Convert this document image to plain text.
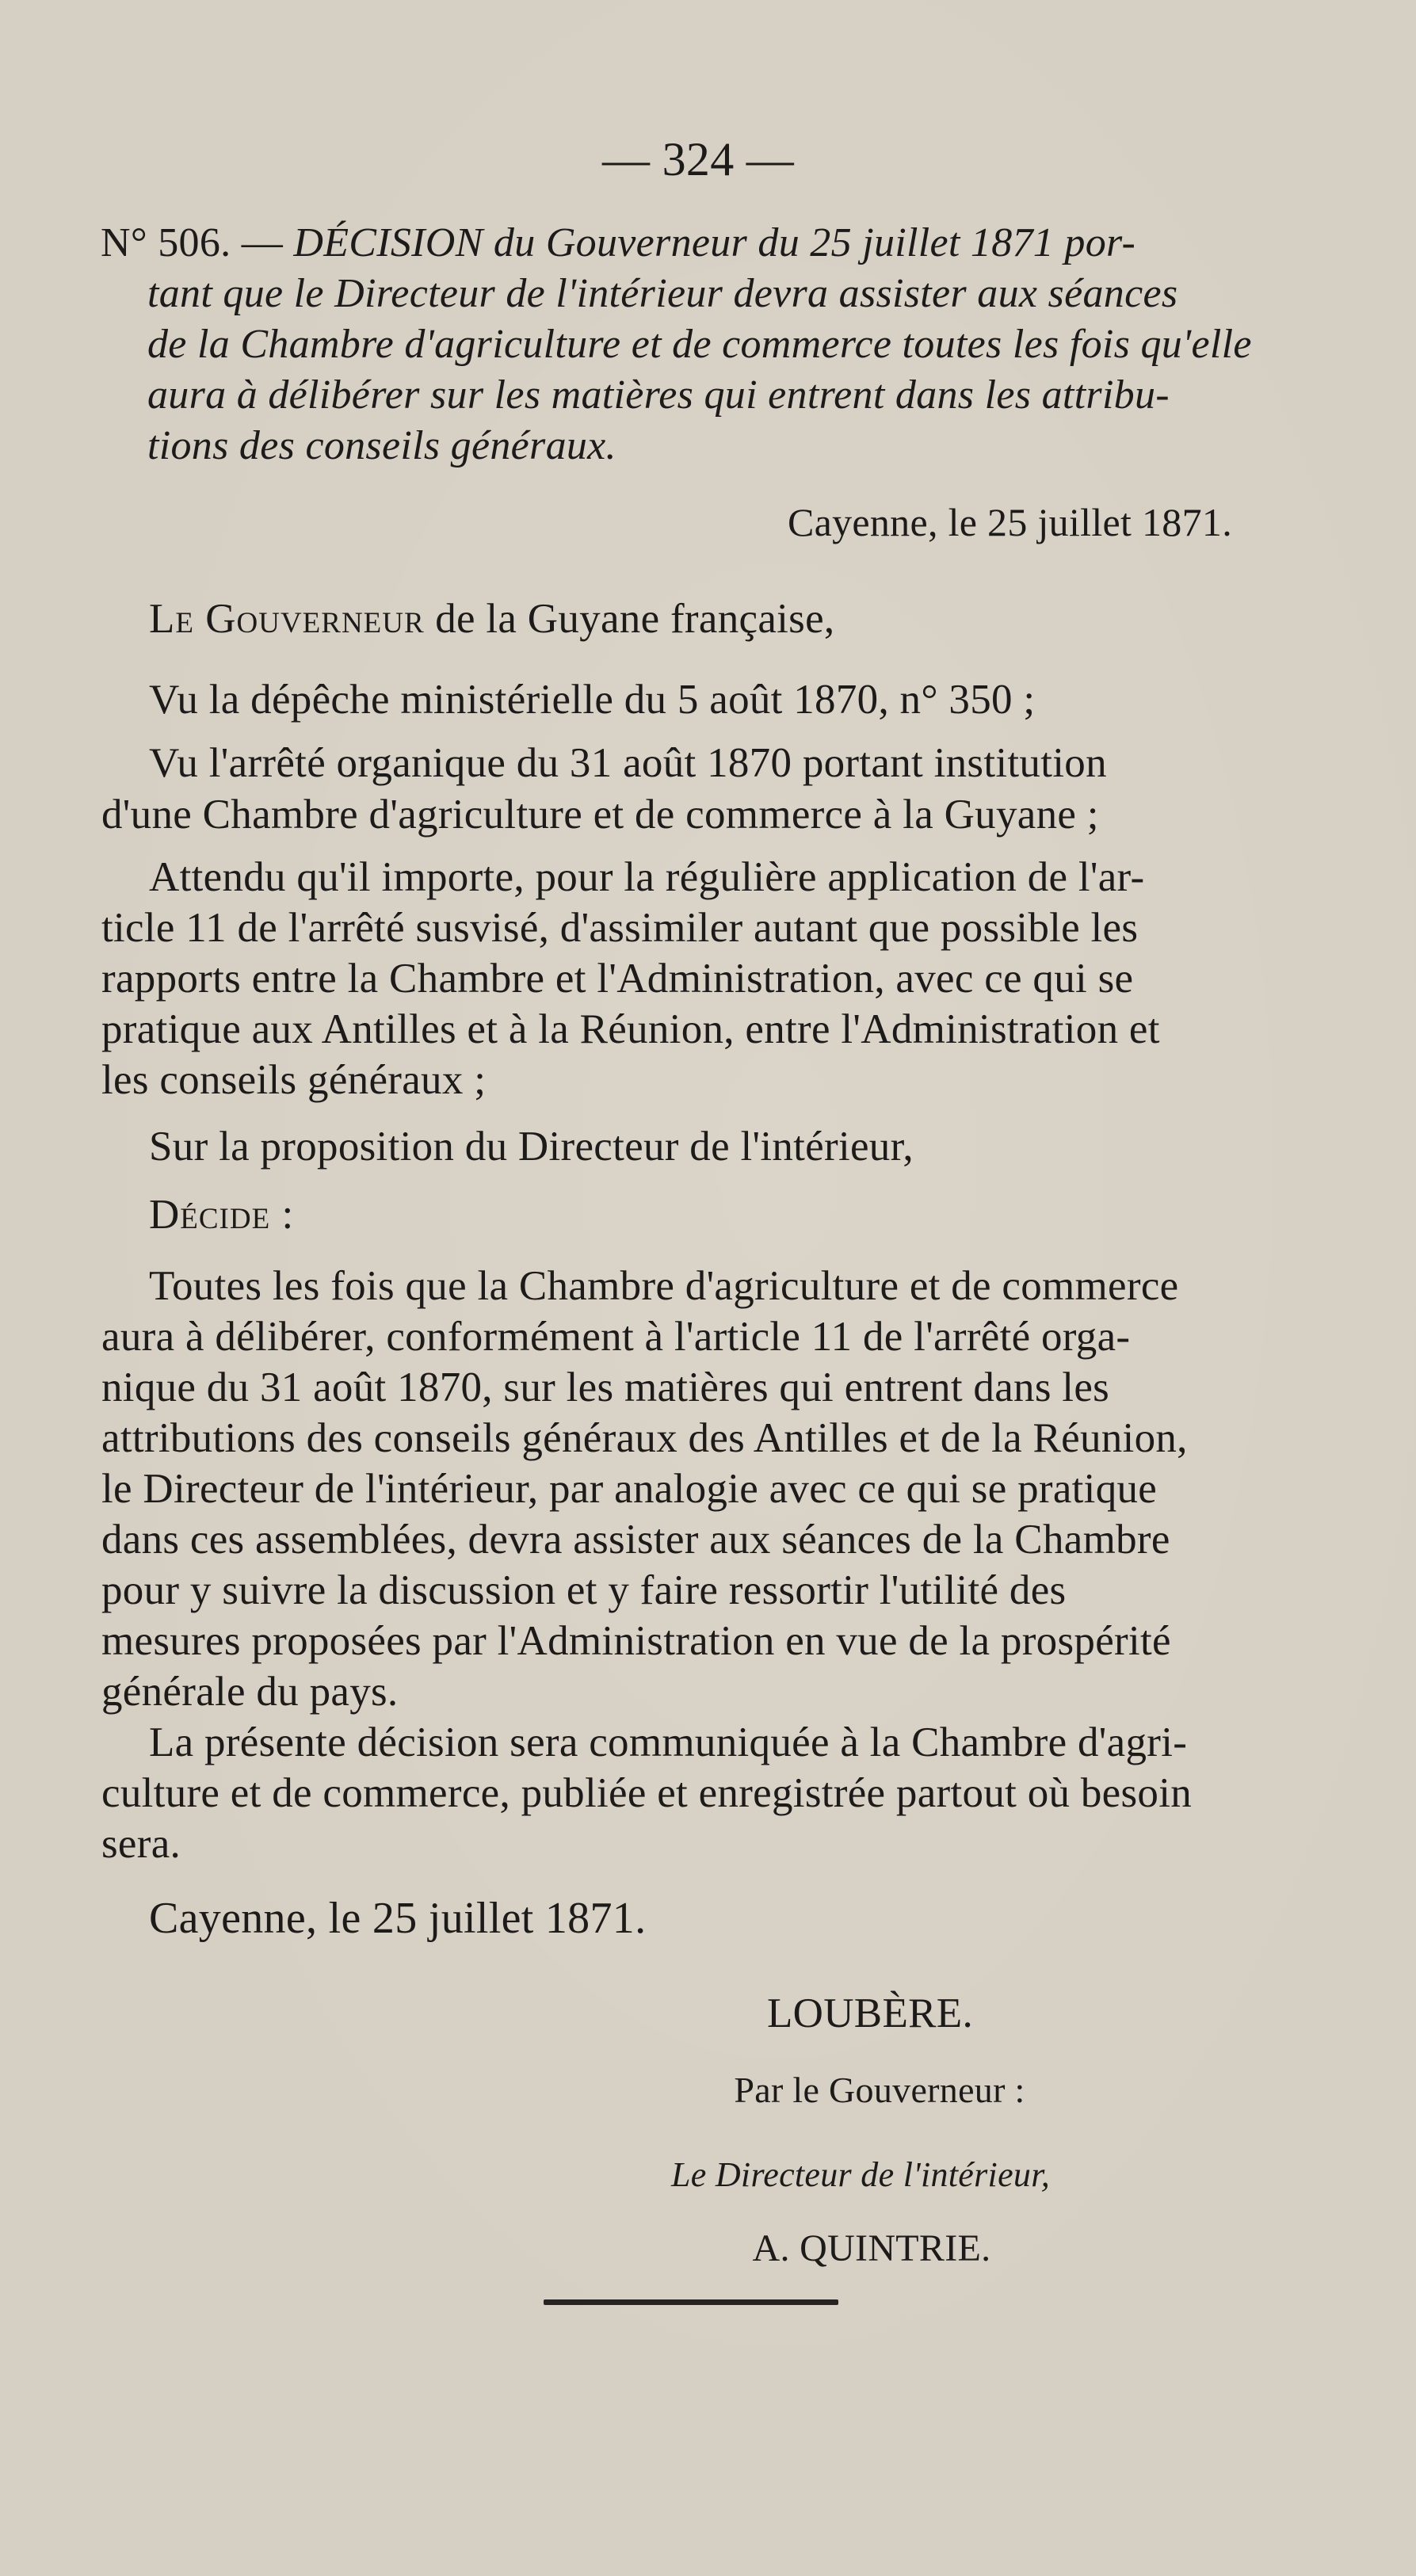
— 324 —

N° 506. — DÉCISION du Gouverneur du 25 juillet 1871 por-

tant que le Directeur de l'intérieur devra assister aux séances

de la Chambre d'agriculture et de commerce toutes les fois qu'elle

aura à délibérer sur les matières qui entrent dans les attribu-

tions des conseils généraux.

Cayenne, le 25 juillet 1871.

Le Gouverneur de la Guyane française,

Vu la dépêche ministérielle du 5 août 1870, n° 350 ;

Vu l'arrêté organique du 31 août 1870 portant institution

d'une Chambre d'agriculture et de commerce à la Guyane ;

Attendu qu'il importe, pour la régulière application de l'ar-

ticle 11 de l'arrêté susvisé, d'assimiler autant que possible les

rapports entre la Chambre et l'Administration, avec ce qui se

pratique aux Antilles et à la Réunion, entre l'Administration et

les conseils généraux ;

Sur la proposition du Directeur de l'intérieur,

Décide :

Toutes les fois que la Chambre d'agriculture et de commerce

aura à délibérer, conformément à l'article 11 de l'arrêté orga-

nique du 31 août 1870, sur les matières qui entrent dans les

attributions des conseils généraux des Antilles et de la Réunion,

le Directeur de l'intérieur, par analogie avec ce qui se pratique

dans ces assemblées, devra assister aux séances de la Chambre

pour y suivre la discussion et y faire ressortir l'utilité des

mesures proposées par l'Administration en vue de la prospérité

générale du pays.

La présente décision sera communiquée à la Chambre d'agri-

culture et de commerce, publiée et enregistrée partout où besoin

sera.

Cayenne, le 25 juillet 1871.

LOUBÈRE.

Par le Gouverneur :

Le Directeur de l'intérieur,

A. QUINTRIE.
